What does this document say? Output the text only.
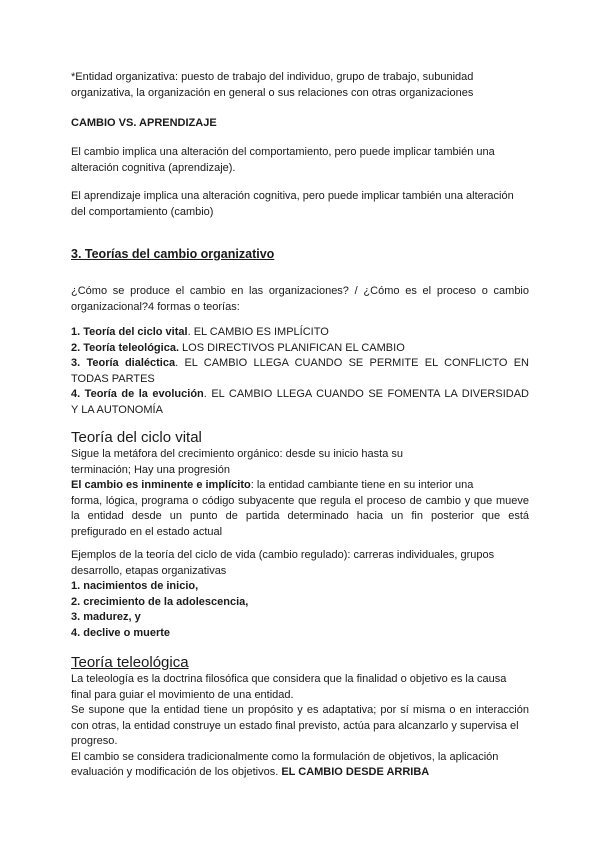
*Entidad organizativa: puesto de trabajo del individuo, grupo de trabajo, subunidad
organizativa, la organización en general o sus relaciones con otras organizaciones
CAMBIO VS. APRENDIZAJE
El cambio implica una alteración del comportamiento, pero puede implicar también una
alteración cognitiva (aprendizaje).
El aprendizaje implica una alteración cognitiva, pero puede implicar también una alteración
del comportamiento (cambio)
3. Teorías del cambio organizativo
¿Cómo se produce el cambio en las organizaciones? / ¿Cómo es el proceso o cambio
organizacional?4 formas o teorías:
1. Teoría del ciclo vital. EL CAMBIO ES IMPLÍCITO
2. Teoría teleológica. LOS DIRECTIVOS PLANIFICAN EL CAMBIO
3. Teoría dialéctica. EL CAMBIO LLEGA CUANDO SE PERMITE EL CONFLICTO EN
TODAS PARTES
4. Teoría de la evolución. EL CAMBIO LLEGA CUANDO SE FOMENTA LA DIVERSIDAD
Y LA AUTONOMÍA
Teoría del ciclo vital
Sigue la metáfora del crecimiento orgánico: desde su inicio hasta su
terminación; Hay una progresión
El cambio es inminente e implícito: la entidad cambiante tiene en su interior una
forma, lógica, programa o código subyacente que regula el proceso de cambio y que mueve
la entidad desde un punto de partida determinado hacia un fin posterior que está
prefigurado en el estado actual
Ejemplos de la teoría del ciclo de vida (cambio regulado): carreras individuales, grupos
desarrollo, etapas organizativas
1. nacimientos de inicio,
2. crecimiento de la adolescencia,
3. madurez, y
4. declive o muerte
Teoría teleológica
La teleología es la doctrina filosófica que considera que la finalidad o objetivo es la causa
final para guiar el movimiento de una entidad.
Se supone que la entidad tiene un propósito y es adaptativa; por sí misma o en interacción
con otras, la entidad construye un estado final previsto, actúa para alcanzarlo y supervisa el
progreso.
El cambio se considera tradicionalmente como la formulación de objetivos, la aplicación
evaluación y modificación de los objetivos. EL CAMBIO DESDE ARRIBA
